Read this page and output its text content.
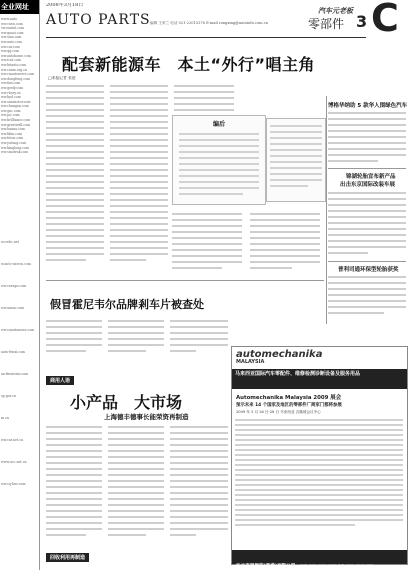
全业网址
www.auto
ww.cnen.com
vw.eautol.com
ww.guazi.com
ww.sina.com
ww.auto.com
ww.car.com
ww.qq.com
ww.autohome.com
ww.icat.com
ww.bitauto.com
ww.caam.org.cn
ww.cnautonews.com
ww.dongfeng.com
ww.faw.com
ww.geely.com
ww.chery.cn
ww.byd.com
ww.saicmotor.com
ww.changan.com
ww.gac.com
ww.jac.com
ww.brilliance.com
ww.greatwall.com
ww.haima.com
ww.lifan.com
ww.foton.com
ww.yutong.com
ww.kinglong.com
ww.sinotruk.com
w.cwbc.net
w.auto-nicecn.com
ww.cnexpo.com
ww.aaeac.com
ww.cnautonews.com
auto-fenxi.com
aa-fireatone.com
sp.gov.cn
m.cn
ww.cat.net.cn
www.ucc.net.cn
ww.cq-bus.com
2008年3月18日
AUTO PARTS 编辑 王荣兰 电话 021-22015376 E-mail rongxing@autoinfo.com.cn
汽车元老板
零部件 3 C
配套新能源车　本土“外行”唱主角
□本报记者 张进
编后
博格华纳助 5 款华人围绿色汽车
锦湖轮胎宣布新产品
出击东京国际改装车展
普利司通环保型轮胎获奖
假冒霍尼韦尔品牌剎车片被查处
automechanika
MALAYSIA
马来西亚国际汽车零配件、维修检测诊断设备及服务用品
Automechanika Malaysia 2009 展会
预示未来 14 个国家及地区的零部件厂商家门都将参展
2009 年 3 月 26 日-28 日 马来西亚 吉隆坡会议中心
法兰克福展览(香港)有限公司 电话 (852) 2230 9233 传真 (852) 2598 8771
商用人语
小产品　大市场
上海德丰德事长能荣资再制造
回收利用再制造
